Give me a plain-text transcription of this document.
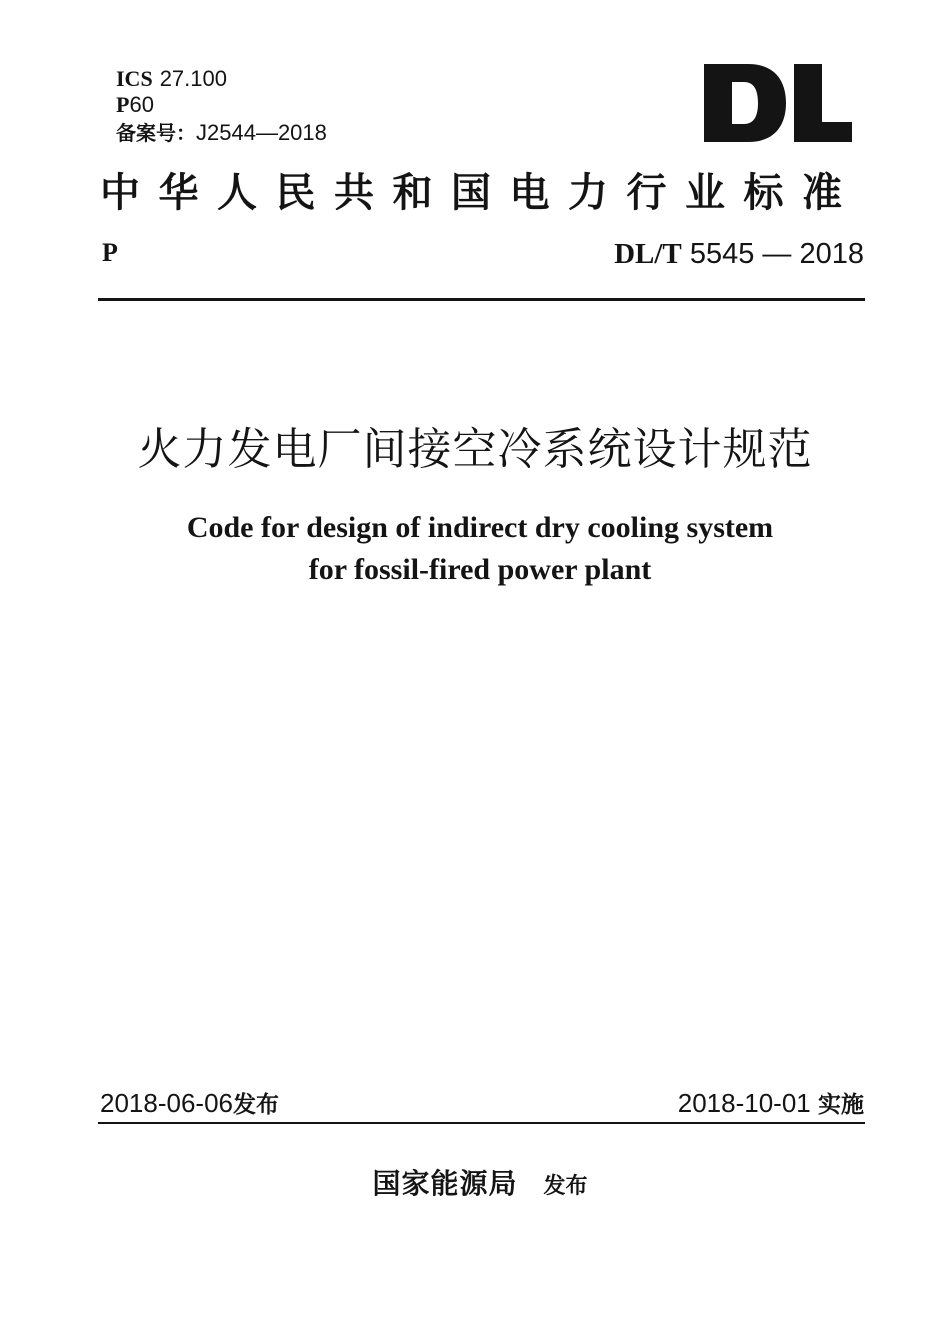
ICS 27.100
P60
备案号：J2544—2018
中华人民共和国电力行业标准
P	DL/T 5545 — 2018
火力发电厂间接空冷系统设计规范
Code for design of indirect dry cooling system
for fossil-fired power plant
2018-06-06发布	2018-10-01 实施
国家能源局 发布
